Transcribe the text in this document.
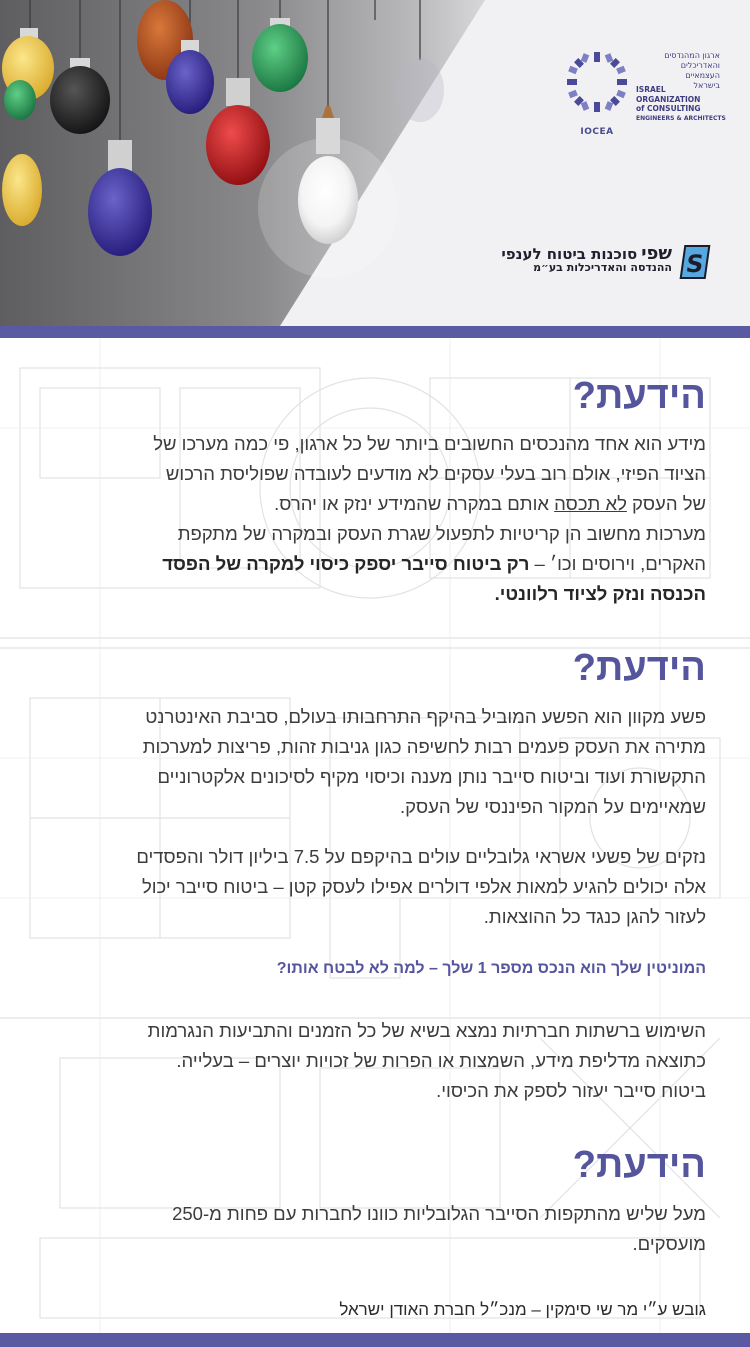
IOCEA
ארגון המהנדסים
והאדריכלים
העצמאיים
בישראל
ISRAEL
ORGANIZATION
of CONSULTING
ENGINEERS & ARCHITECTS
S
שפיסוכנות ביטוח לענפי
ההנדסה והאדריכלות בע״מ
הידעת?
מידע הוא אחד מהנכסים החשובים ביותר של כל ארגון, פי כמה מערכו של
הציוד הפיזי, אולם רוב בעלי עסקים לא מודעים לעובדה שפוליסת הרכוש
של העסק לא תכסה אותם במקרה שהמידע ינזק או יהרס.
מערכות מחשוב הן קריטיות לתפעול שגרת העסק ובמקרה של מתקפת
האקרים, וירוסים וכו׳ – רק ביטוח סייבר יספק כיסוי למקרה של הפסד
הכנסה ונזק לציוד רלוונטי.
הידעת?
פשע מקוון הוא הפשע המוביל בהיקף התרחבותו בעולם, סביבת האינטרנט
מתירה את העסק פעמים רבות לחשיפה כגון גניבות זהות, פריצות למערכות
התקשורת ועוד וביטוח סייבר נותן מענה וכיסוי מקיף לסיכונים אלקטרוניים
שמאיימים על המקור הפיננסי של העסק.
נזקים של פשעי אשראי גלובליים עולים בהיקפם על 7.5 ביליון דולר והפסדים
אלה יכולים להגיע למאות אלפי דולרים אפילו לעסק קטן – ביטוח סייבר יכול
לעזור להגן כנגד כל ההוצאות.
המוניטין שלך הוא הנכס מספר 1 שלך – למה לא לבטח אותו?
השימוש ברשתות חברתיות נמצא בשיא של כל הזמנים והתביעות הנגרמות
כתוצאה מדליפת מידע, השמצות או הפרות של זכויות יוצרים – בעלייה.
ביטוח סייבר יעזור לספק את הכיסוי.
הידעת?
מעל שליש מהתקפות הסייבר הגלובליות כוונו לחברות עם פחות מ-250
מועסקים.
גובש ע״י מר שי סימקין – מנכ״ל חברת האודן ישראל
